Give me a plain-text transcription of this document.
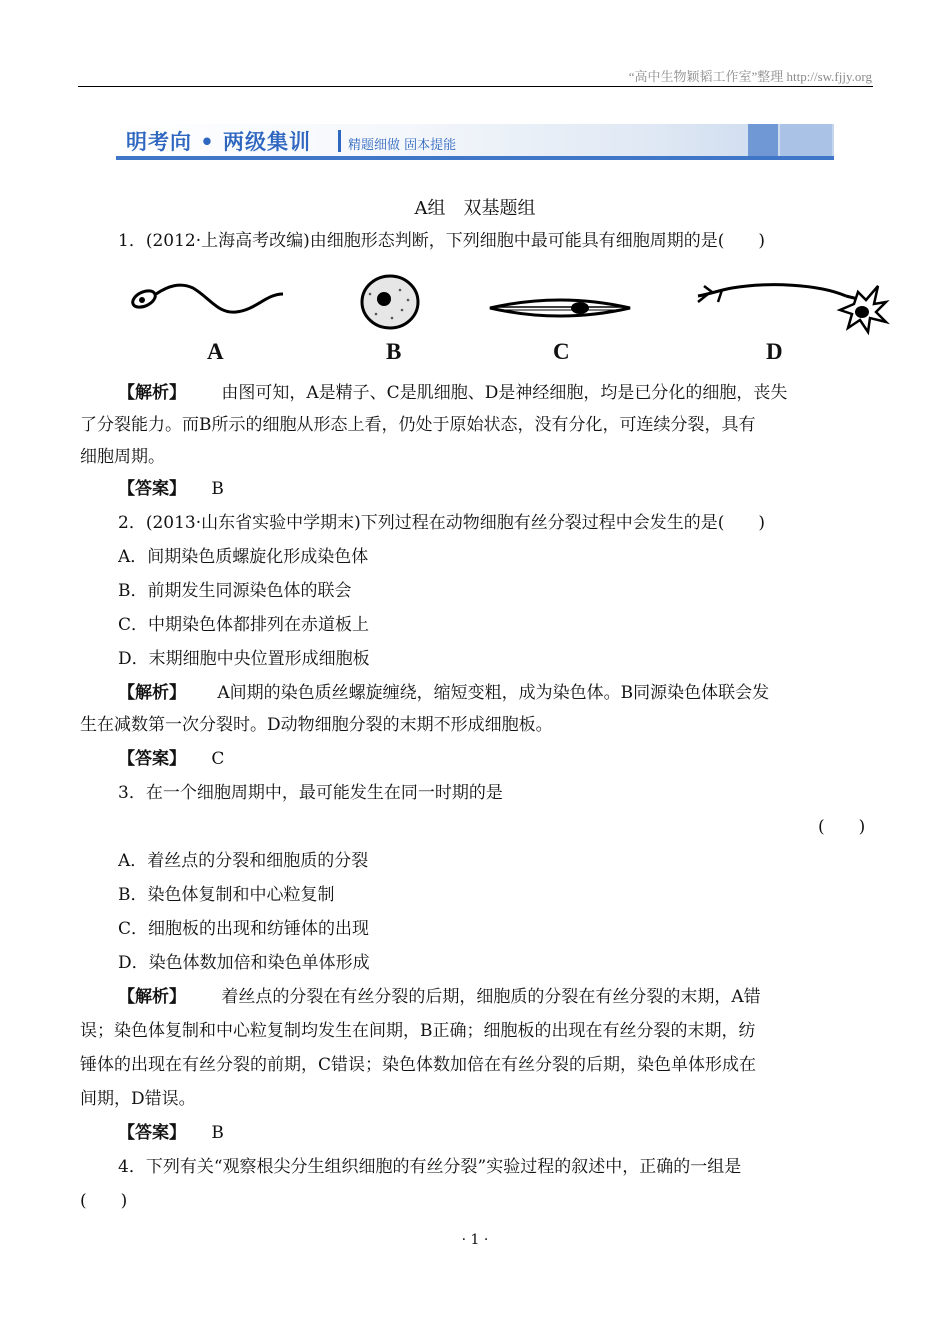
“高中生物颖韬工作室”整理 http://sw.fjjy.org
明考向 • 两级集训	精题细做 固本提能
A组　双基题组
1．(2012·上海高考改编)由细胞形态判断，下列细胞中最可能具有细胞周期的是(　　)
A	B	C	D
【解析】 由图可知，A是精子、C是肌细胞、D是神经细胞，均是已分化的细胞，丧失
了分裂能力。而B所示的细胞从形态上看，仍处于原始状态，没有分化，可连续分裂，具有
细胞周期。
【答案】 B
2．(2013·山东省实验中学期末)下列过程在动物细胞有丝分裂过程中会发生的是(　　)
A．间期染色质螺旋化形成染色体
B．前期发生同源染色体的联会
C．中期染色体都排列在赤道板上
D．末期细胞中央位置形成细胞板
【解析】 A间期的染色质丝螺旋缠绕，缩短变粗，成为染色体。B同源染色体联会发
生在减数第一次分裂时。D动物细胞分裂的末期不形成细胞板。
【答案】 C
3．在一个细胞周期中，最可能发生在同一时期的是
(　　)
A．着丝点的分裂和细胞质的分裂
B．染色体复制和中心粒复制
C．细胞板的出现和纺锤体的出现
D．染色体数加倍和染色单体形成
【解析】 着丝点的分裂在有丝分裂的后期，细胞质的分裂在有丝分裂的末期，A错
误；染色体复制和中心粒复制均发生在间期，B正确；细胞板的出现在有丝分裂的末期，纺
锤体的出现在有丝分裂的前期，C错误；染色体数加倍在有丝分裂的后期，染色单体形成在
间期，D错误。
【答案】 B
4．下列有关“观察根尖分生组织细胞的有丝分裂”实验过程的叙述中，正确的一组是
(　　)
· 1 ·
